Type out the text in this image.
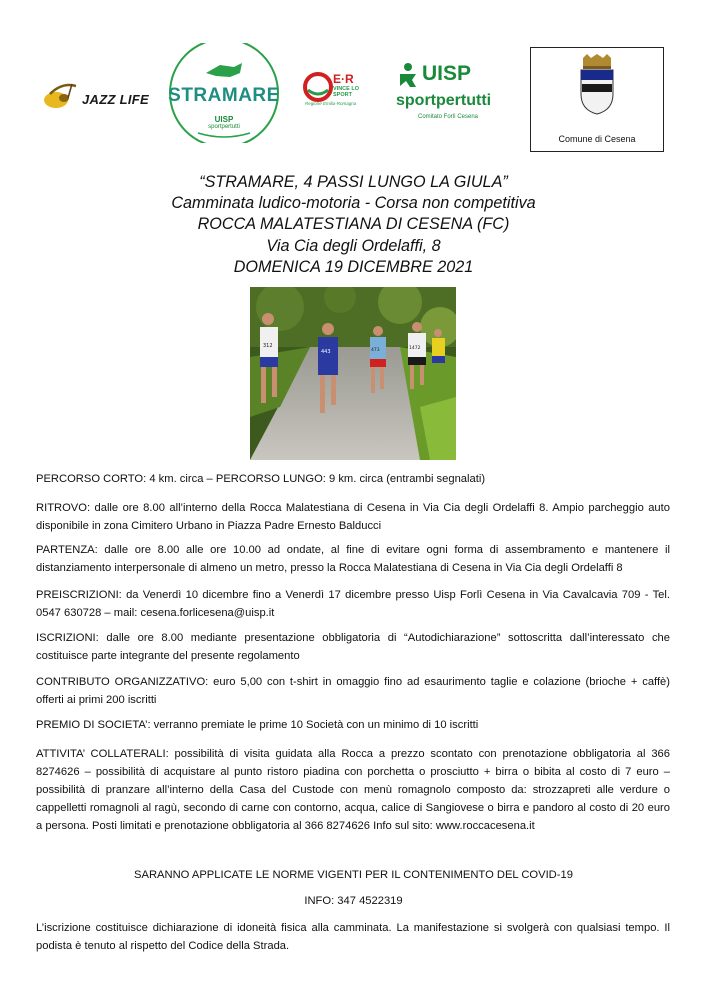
JAZZ LIFE STRAMARE
UISP
sportpertutti
E·R
VINCE LO SPORT
Regione Emilia-Romagna
UISP
sportpertutti
Comitato Forlì Cesena
Comune di Cesena
“STRAMARE, 4 PASSI LUNGO LA GIULA”
Camminata ludico-motoria - Corsa non competitiva
ROCCA MALATESTIANA DI CESENA (FC)
Via Cia degli Ordelaffi, 8
DOMENICA 19 DICEMBRE 2021
312
443	473	1472
PERCORSO CORTO: 4 km. circa – PERCORSO LUNGO: 9 km. circa (entrambi segnalati)
RITROVO: dalle ore 8.00 all’interno della Rocca Malatestiana di Cesena in Via Cia degli Ordelaffi 8. Ampio parcheggio auto disponibile in zona Cimitero Urbano in Piazza Padre Ernesto Balducci
PARTENZA: dalle ore 8.00 alle ore 10.00 ad ondate, al fine di evitare ogni forma di assembramento e mantenere il distanziamento interpersonale di almeno un metro, presso la Rocca Malatestiana di Cesena in Via Cia degli Ordelaffi 8
PREISCRIZIONI: da Venerdì 10 dicembre fino a Venerdì 17 dicembre presso Uisp Forlì Cesena in Via Cavalcavia 709 - Tel. 0547 630728 – mail: cesena.forlicesena@uisp.it
ISCRIZIONI: dalle ore 8.00 mediante presentazione obbligatoria di “Autodichiarazione” sottoscritta dall’interessato che costituisce parte integrante del presente regolamento
CONTRIBUTO ORGANIZZATIVO: euro 5,00 con t-shirt in omaggio fino ad esaurimento taglie e colazione (brioche + caffè) offerti ai primi 200 iscritti
PREMIO DI SOCIETA’: verranno premiate le prime 10 Società con un minimo di 10 iscritti
ATTIVITA’ COLLATERALI: possibilità di visita guidata alla Rocca a prezzo scontato con prenotazione obbligatoria al 366 8274626 – possibilità di acquistare al punto ristoro piadina con porchetta o prosciutto + birra o bibita al costo di 7 euro – possibilità di pranzare all’interno della Casa del Custode con menù romagnolo composto da: strozzapreti alle verdure o cappelletti romagnoli al ragù, secondo di carne con contorno, acqua, calice di Sangiovese o birra e pandoro al costo di 20 euro a persona. Posti limitati e prenotazione obbligatoria al 366 8274626 Info sul sito: www.roccacesena.it
SARANNO APPLICATE LE NORME VIGENTI PER IL CONTENIMENTO DEL COVID-19
INFO: 347 4522319
L’iscrizione costituisce dichiarazione di idoneità fisica alla camminata. La manifestazione si svolgerà con qualsiasi tempo. Il podista è tenuto al rispetto del Codice della Strada.
